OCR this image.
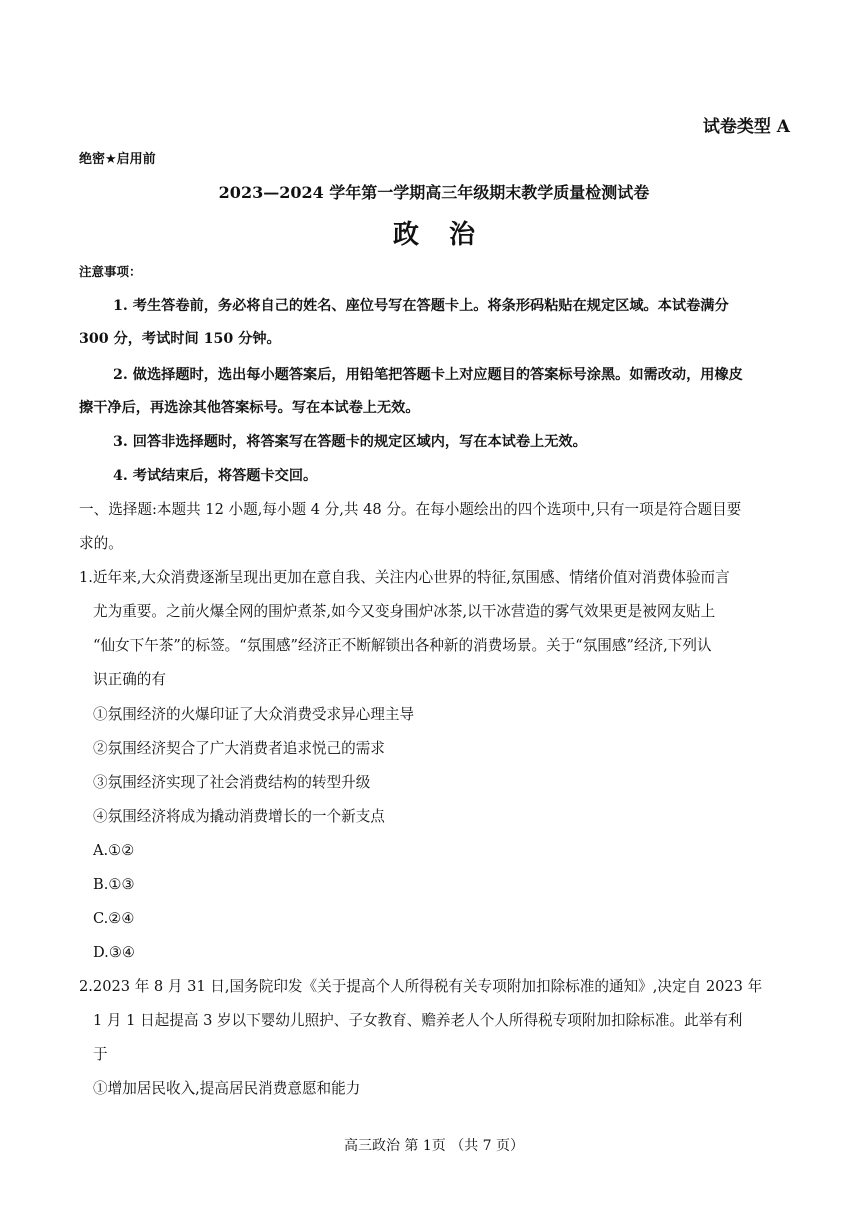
试卷类型 A
绝密★启用前
2023—2024 学年第一学期高三年级期末教学质量检测试卷
政治
注意事项：
1. 考生答卷前，务必将自己的姓名、座位号写在答题卡上。将条形码粘贴在规定区域。本试卷满分
300 分，考试时间 150 分钟。
2. 做选择题时，选出每小题答案后，用铅笔把答题卡上对应题目的答案标号涂黑。如需改动，用橡皮
擦干净后，再选涂其他答案标号。写在本试卷上无效。
3. 回答非选择题时，将答案写在答题卡的规定区域内，写在本试卷上无效。
4. 考试结束后，将答题卡交回。
一、选择题:本题共 12 小题,每小题 4 分,共 48 分。在每小题绘出的四个选项中,只有一项是符合题目要
求的。
1.近年来,大众消费逐渐呈现出更加在意自我、关注内心世界的特征,氛围感、情绪价值对消费体验而言
尤为重要。之前火爆全网的围炉煮茶,如今又变身围炉冰茶,以干冰营造的雾气效果更是被网友贴上
“仙女下午茶”的标签。“氛围感”经济正不断解锁出各种新的消费场景。关于“氛围感”经济,下列认
识正确的有
①氛围经济的火爆印证了大众消费受求异心理主导
②氛围经济契合了广大消费者追求悦己的需求
③氛围经济实现了社会消费结构的转型升级
④氛围经济将成为撬动消费增长的一个新支点
A.①②
B.①③
C.②④
D.③④
2.2023 年 8 月 31 日,国务院印发《关于提高个人所得税有关专项附加扣除标准的通知》,决定自 2023 年
1 月 1 日起提高 3 岁以下婴幼儿照护、子女教育、赡养老人个人所得税专项附加扣除标准。此举有利
于
①增加居民收入,提高居民消费意愿和能力
高三政治 第 1页 （共 7 页）
